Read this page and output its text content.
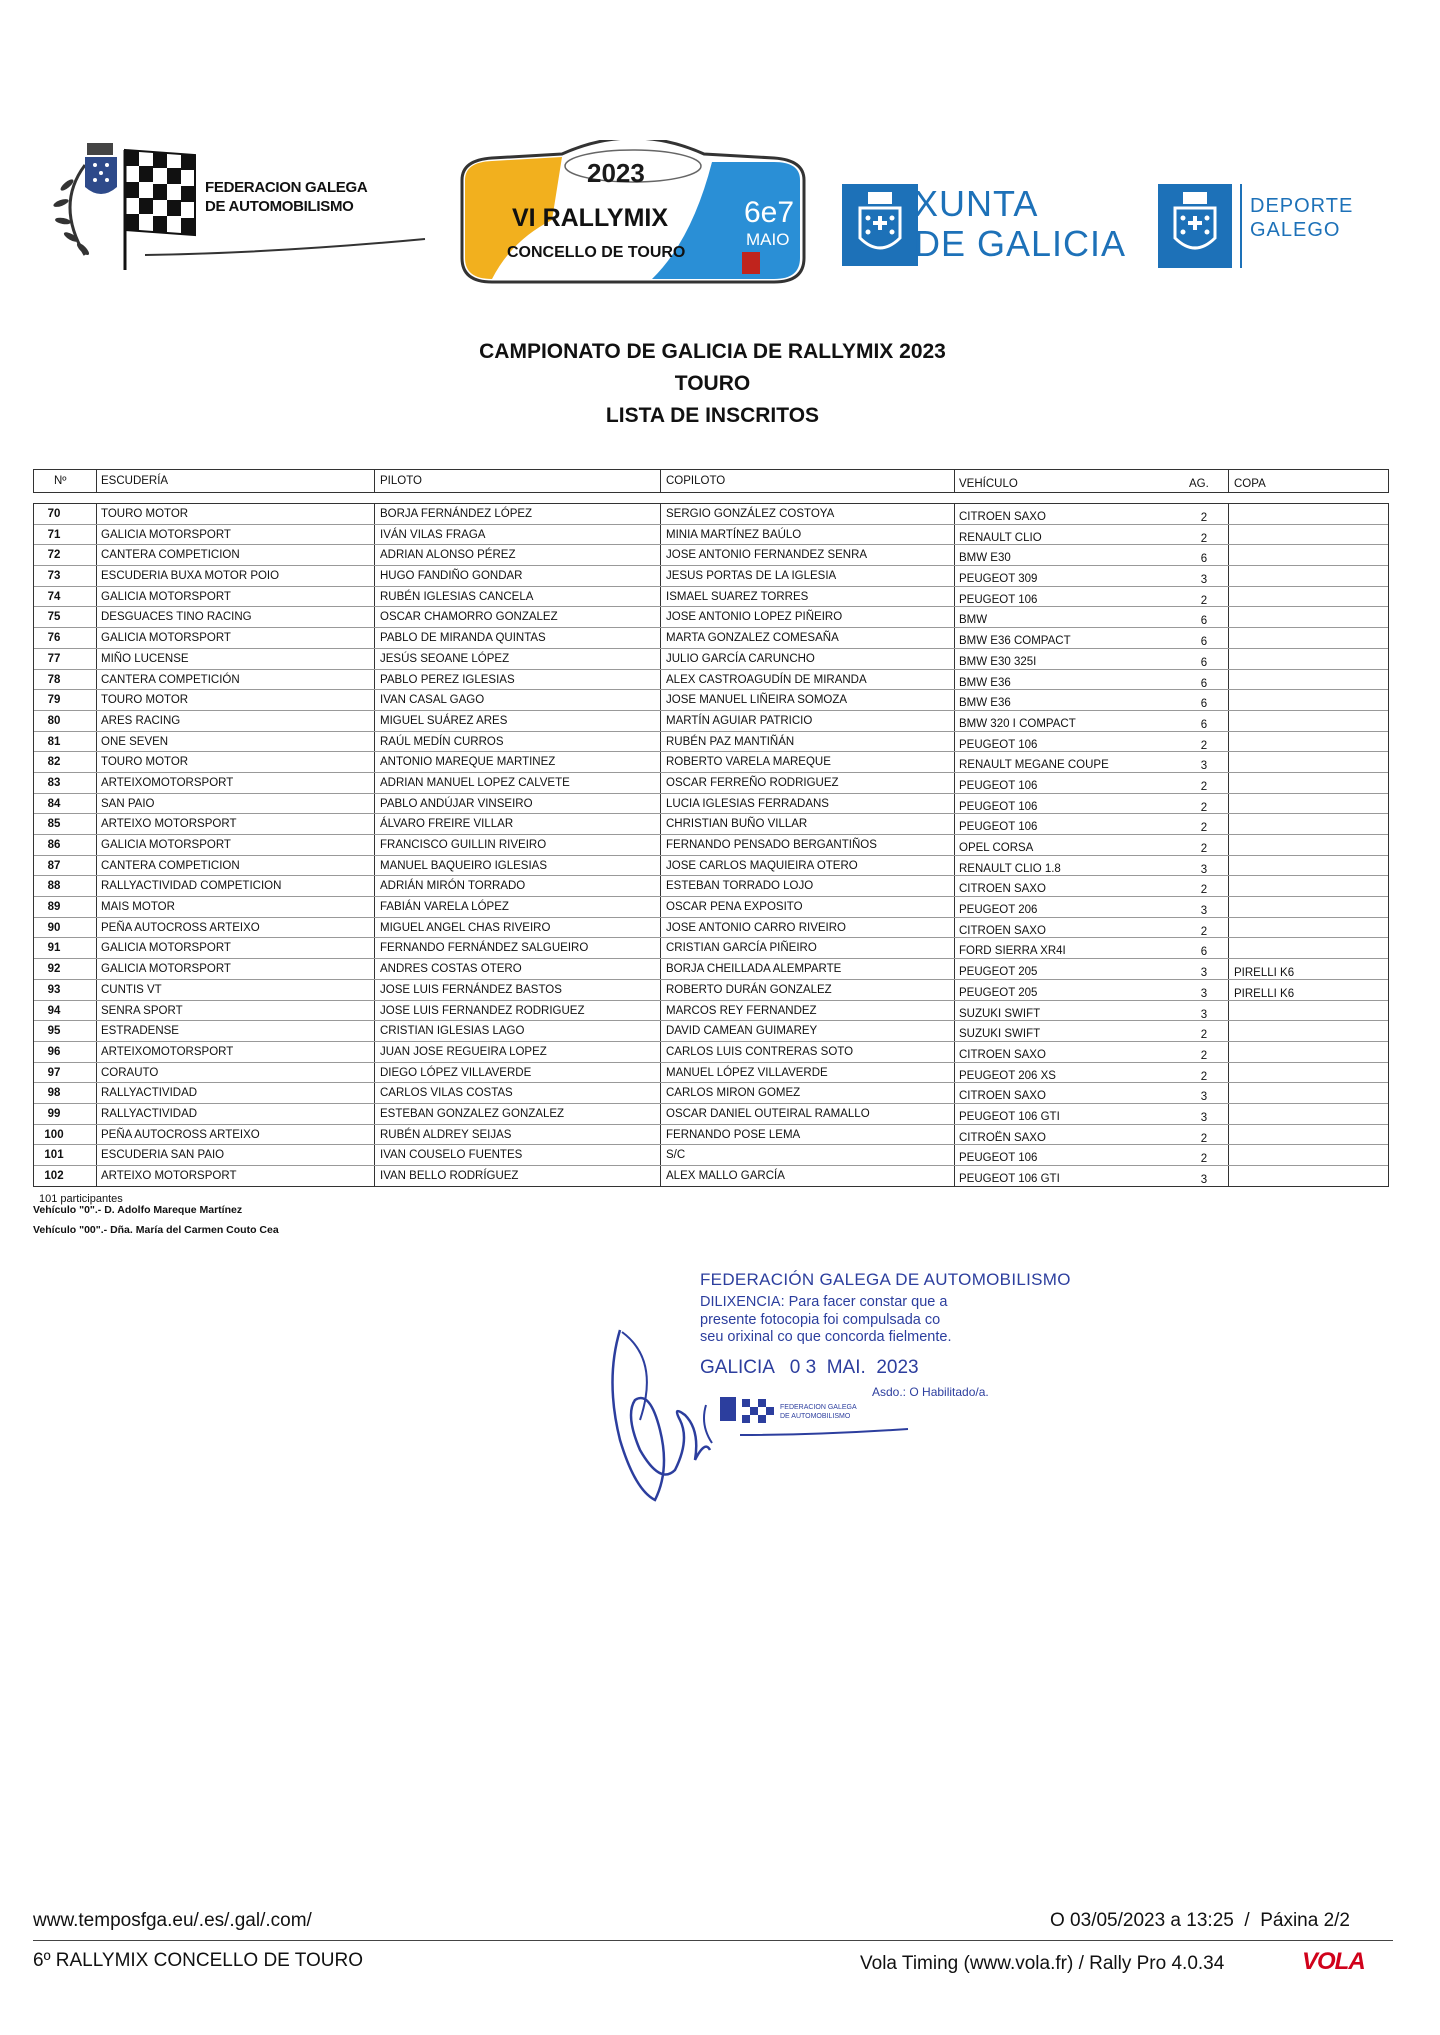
FEDERACION GALEGA
DE AUTOMOBILISMO
2023
VI RALLYMIX
CONCELLO DE TOURO
6e7
MAIO
XUNTA
DE GALICIA
DEPORTE
GALEGO
CAMPIONATO DE GALICIA DE RALLYMIX 2023
TOURO
LISTA DE INSCRITOS
Nº	ESCUDERÍA	PILOTO	COPILOTO	VEHÍCULO	AG. COPA
70	TOURO MOTOR	BORJA FERNÁNDEZ LÓPEZ	SERGIO GONZÁLEZ COSTOYA	CITROEN SAXO	2
71	GALICIA MOTORSPORT	IVÁN VILAS FRAGA	MINIA MARTÍNEZ BAÚLO	RENAULT CLIO	2
72	CANTERA COMPETICION	ADRIAN ALONSO PÉREZ	JOSE ANTONIO FERNANDEZ SENRA	BMW E30	6
73	ESCUDERIA BUXA MOTOR POIO	HUGO FANDIÑO GONDAR	JESUS PORTAS DE LA IGLESIA	PEUGEOT 309	3
74	GALICIA MOTORSPORT	RUBÉN IGLESIAS CANCELA	ISMAEL SUAREZ TORRES	PEUGEOT 106	2
75	DESGUACES TINO RACING	OSCAR CHAMORRO GONZALEZ	JOSE ANTONIO LOPEZ PIÑEIRO	BMW	6
76	GALICIA MOTORSPORT	PABLO DE MIRANDA QUINTAS	MARTA GONZALEZ COMESAÑA	BMW E36 COMPACT	6
77	MIÑO LUCENSE	JESÚS SEOANE LÓPEZ	JULIO GARCÍA CARUNCHO	BMW E30 325I	6
78	CANTERA COMPETICIÓN	PABLO PEREZ IGLESIAS	ALEX CASTROAGUDÍN DE MIRANDA	BMW E36	6
79	TOURO MOTOR	IVAN CASAL GAGO	JOSE MANUEL LIÑEIRA SOMOZA	BMW E36	6
80	ARES RACING	MIGUEL SUÁREZ ARES	MARTÍN AGUIAR PATRICIO	BMW 320 I COMPACT	6
81	ONE SEVEN	RAÚL MEDÍN CURROS	RUBÉN PAZ MANTIÑÁN	PEUGEOT 106	2
82	TOURO MOTOR	ANTONIO MAREQUE MARTINEZ	ROBERTO VARELA MAREQUE	RENAULT MEGANE COUPE	3
83	ARTEIXOMOTORSPORT	ADRIAN MANUEL LOPEZ CALVETE	OSCAR FERREÑO RODRIGUEZ	PEUGEOT 106	2
84	SAN PAIO	PABLO ANDÚJAR VINSEIRO	LUCIA IGLESIAS FERRADANS	PEUGEOT 106	2
85	ARTEIXO MOTORSPORT	ÁLVARO FREIRE VILLAR	CHRISTIAN BUÑO VILLAR	PEUGEOT 106	2
86	GALICIA MOTORSPORT	FRANCISCO GUILLIN RIVEIRO	FERNANDO PENSADO BERGANTIÑOS	OPEL CORSA	2
87	CANTERA COMPETICION	MANUEL BAQUEIRO IGLESIAS	JOSE CARLOS MAQUIEIRA OTERO	RENAULT CLIO 1.8	3
88	RALLYACTIVIDAD COMPETICION	ADRIÁN MIRÓN TORRADO	ESTEBAN TORRADO LOJO	CITROEN SAXO	2
89	MAIS MOTOR	FABIÁN VARELA LÓPEZ	OSCAR PENA EXPOSITO	PEUGEOT 206	3
90	PEÑA AUTOCROSS ARTEIXO	MIGUEL ANGEL CHAS RIVEIRO	JOSE ANTONIO CARRO RIVEIRO	CITROEN SAXO	2
91	GALICIA MOTORSPORT	FERNANDO FERNÁNDEZ SALGUEIRO	CRISTIAN GARCÍA PIÑEIRO	FORD SIERRA XR4I	6
92	GALICIA MOTORSPORT	ANDRES COSTAS OTERO	BORJA CHEILLADA ALEMPARTE	PEUGEOT 205	3	PIRELLI K6
93	CUNTIS VT	JOSE LUIS FERNÁNDEZ BASTOS	ROBERTO DURÁN GONZALEZ	PEUGEOT 205	3	PIRELLI K6
94	SENRA SPORT	JOSE LUIS FERNANDEZ RODRIGUEZ	MARCOS REY FERNANDEZ	SUZUKI SWIFT	3
95	ESTRADENSE	CRISTIAN IGLESIAS LAGO	DAVID CAMEAN GUIMAREY	SUZUKI SWIFT	2
96	ARTEIXOMOTORSPORT	JUAN JOSE REGUEIRA LOPEZ	CARLOS LUIS CONTRERAS SOTO	CITROEN SAXO	2
97	CORAUTO	DIEGO LÓPEZ VILLAVERDE	MANUEL LÓPEZ VILLAVERDE	PEUGEOT 206 XS	2
98	RALLYACTIVIDAD	CARLOS VILAS COSTAS	CARLOS MIRON GOMEZ	CITROEN SAXO	3
99	RALLYACTIVIDAD	ESTEBAN GONZALEZ GONZALEZ	OSCAR DANIEL OUTEIRAL RAMALLO	PEUGEOT 106 GTI	3
100	PEÑA AUTOCROSS ARTEIXO	RUBÉN ALDREY SEIJAS	FERNANDO POSE LEMA	CITROËN SAXO	2
101	ESCUDERIA SAN PAIO	IVAN COUSELO FUENTES	S/C	PEUGEOT 106	2
102	ARTEIXO MOTORSPORT	IVAN BELLO RODRÍGUEZ	ALEX MALLO GARCÍA	PEUGEOT 106 GTI	3
101 participantes
Vehículo "0".- D. Adolfo Mareque Martínez
Vehículo "00".- Dña. María del Carmen Couto Cea
FEDERACIÓN GALEGA DE AUTOMOBILISMO
DILIXENCIA: Para facer constar que a
presente fotocopia foi compulsada co
seu orixinal co que concorda fielmente.
GALICIA   0 3  MAI.  2023
Asdo.: O Habilitado/a.
FEDERACION GALEGA
DE AUTOMOBILISMO
www.temposfga.eu/.es/.gal/.com/
6º RALLYMIX CONCELLO DE TOURO
O 03/05/2023 a 13:25  /  Páxina 2/2
Vola Timing (www.vola.fr) / Rally Pro 4.0.34	VOLA
